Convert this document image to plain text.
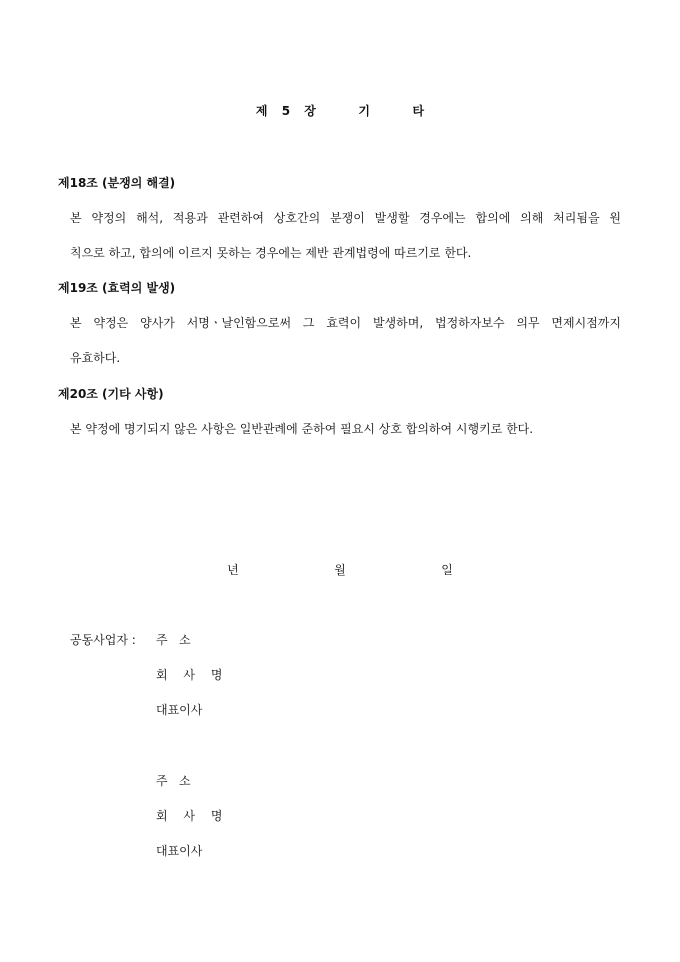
제 5 장   기   타
제18조 (분쟁의 해결)
본 약정의 해석, 적용과 관련하여 상호간의 분쟁이 발생할 경우에는 합의에 의해 처리됨을 원
칙으로 하고, 합의에 이르지 못하는 경우에는 제반 관계법령에 따르기로 한다.
제19조 (효력의 발생)
본 약정은 양사가 서명ㆍ날인함으로써 그 효력이 발생하며, 법정하자보수 의무 면제시점까지
유효하다.
제20조 (기타 사항)
본 약정에 명기되지 않은 사항은 일반관례에 준하여 필요시 상호 합의하여 시행키로 한다.
년   월   일
공동사업자 : 주   소
회 사 명
대표이사
주   소
회 사 명
대표이사
